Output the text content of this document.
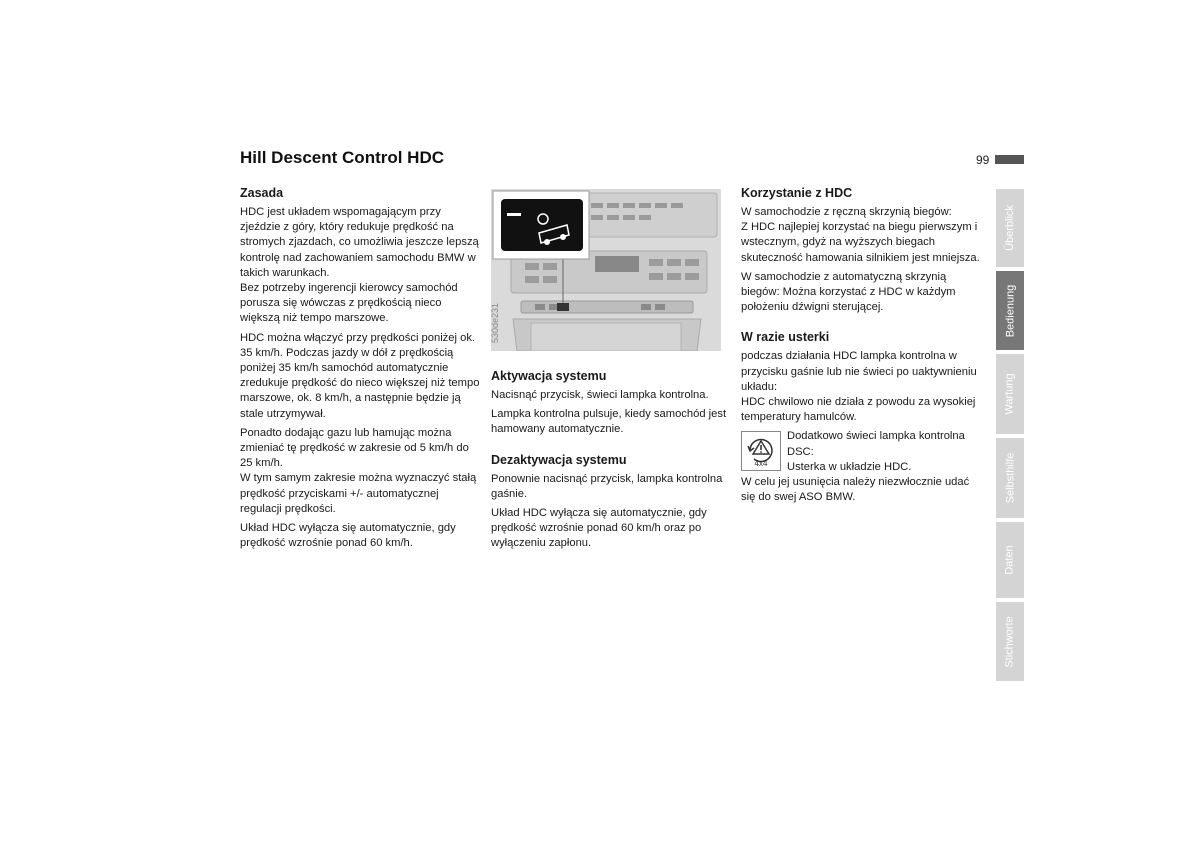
Hill Descent Control HDC	99
Zasada

HDC jest układem wspomagającym przy zjeździe z góry, który redukuje prędkość na stromych zjazdach, co umożliwia jeszcze lepszą kontrolę nad zachowaniem samochodu BMW w takich warunkach.
Bez potrzeby ingerencji kierowcy samochód porusza się wówczas z prędkością nieco większą niż tempo marszowe.

HDC można włączyć przy prędkości poniżej ok. 35 km/h. Podczas jazdy w dół z prędkością poniżej 35 km/h samochód automatycznie zredukuje prędkość do nieco większej niż tempo marszowe, ok. 8 km/h, a następnie będzie ją stale utrzymywał.

Ponadto dodając gazu lub hamując można zmieniać tę prędkość w zakresie od 5 km/h do 25 km/h.
W tym samym zakresie można wyznaczyć stałą prędkość przyciskami +/- automatycznej regulacji prędkości.

Układ HDC wyłącza się automatycznie, gdy prędkość wzrośnie ponad 60 km/h.

530de231
Aktywacja systemu

Nacisnąć przycisk, świeci lampka kontrolna.

Lampka kontrolna pulsuje, kiedy samochód jest hamowany automatycznie.

Dezaktywacja systemu

Ponownie nacisnąć przycisk, lampka kontrolna gaśnie.

Układ HDC wyłącza się automatycznie, gdy prędkość wzrośnie ponad 60 km/h oraz po wyłączeniu zapłonu.

Korzystanie z HDC

W samochodzie z ręczną skrzynią biegów:
Z HDC najlepiej korzystać na biegu pierwszym i wstecznym, gdyż na wyższych biegach skuteczność hamowania silnikiem jest mniejsza.

W samochodzie z automatyczną skrzynią biegów: Można korzystać z HDC w każdym położeniu dźwigni sterującej.

W razie usterki

podczas działania HDC lampka kontrolna w przycisku gaśnie lub nie świeci po uaktywnieniu układu:
HDC chwilowo nie działa z powodu za wysokiej temperatury hamulców.

4x4

Dodatkowo świeci lampka kontrolna DSC:
Usterka w układzie HDC.

W celu jej usunięcia należy niezwłocznie udać się do swej ASO BMW.

Überblick
Bedienung
Wartung
Selbsthilfe
Daten
Stichworte
